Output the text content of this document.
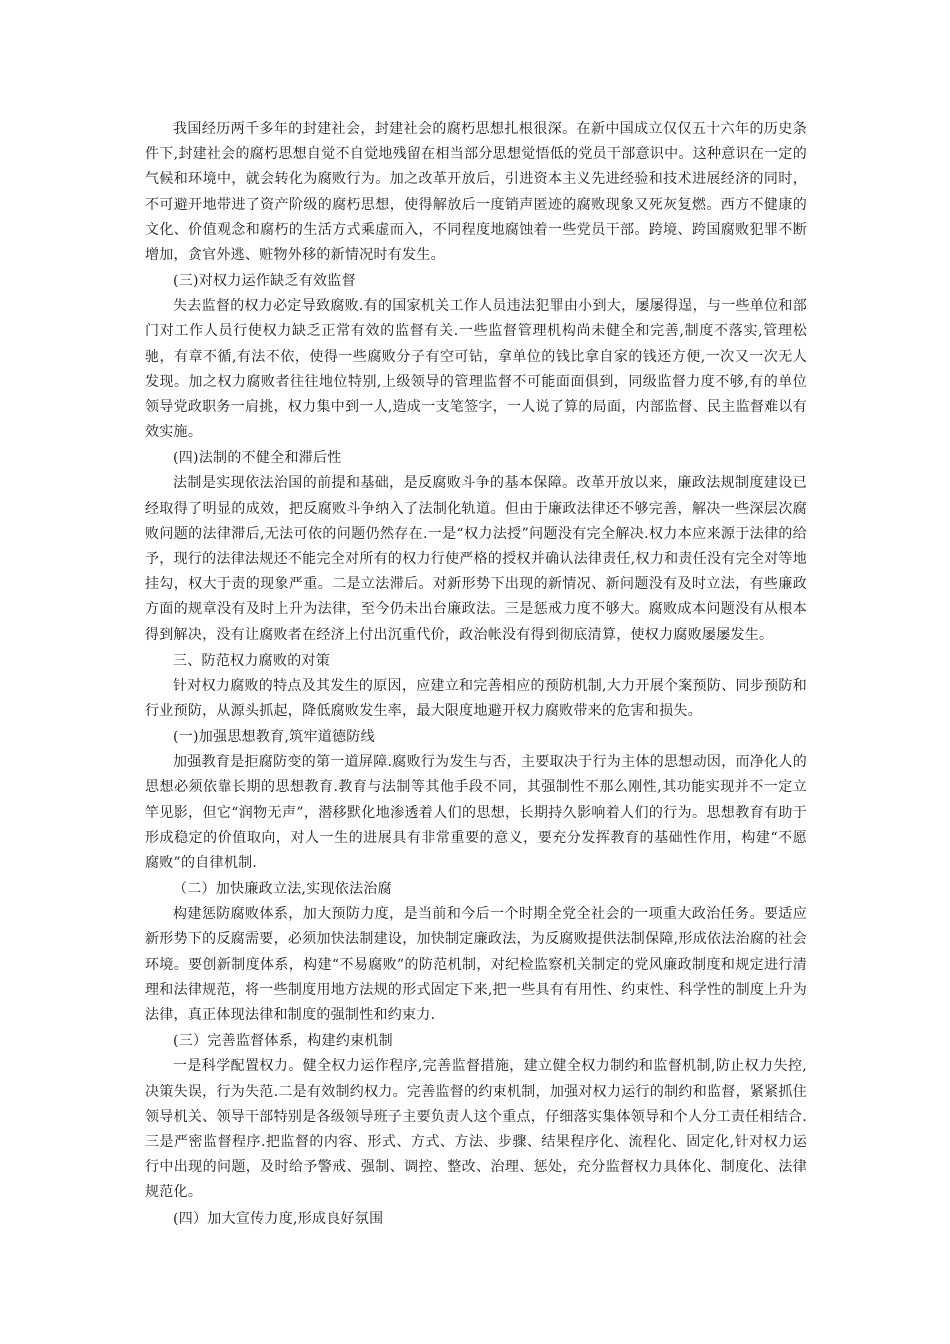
我国经历两千多年的封建社会，封建社会的腐朽思想扎根很深。在新中国成立仅仅五十六年的历史条件下,封建社会的腐朽思想自觉不自觉地残留在相当部分思想觉悟低的党员干部意识中。这种意识在一定的气候和环境中，就会转化为腐败行为。加之改革开放后，引进资本主义先进经验和技术进展经济的同时，不可避开地带进了资产阶级的腐朽思想，使得解放后一度销声匿迹的腐败现象又死灰复燃。西方不健康的文化、价值观念和腐朽的生活方式乘虚而入，不同程度地腐蚀着一些党员干部。跨境、跨国腐败犯罪不断增加，贪官外逃、赃物外移的新情况时有发生。

(三)对权力运作缺乏有效监督

失去监督的权力必定导致腐败.有的国家机关工作人员违法犯罪由小到大，屡屡得逞，与一些单位和部门对工作人员行使权力缺乏正常有效的监督有关.一些监督管理机构尚未健全和完善,制度不落实,管理松驰，有章不循,有法不依，使得一些腐败分子有空可钻，拿单位的钱比拿自家的钱还方便,一次又一次无人发现。加之权力腐败者往往地位特别,上级领导的管理监督不可能面面俱到，同级监督力度不够,有的单位领导党政职务一肩挑，权力集中到一人,造成一支笔签字，一人说了算的局面，内部监督、民主监督难以有效实施。

(四)法制的不健全和滞后性

法制是实现依法治国的前提和基础，是反腐败斗争的基本保障。改革开放以来，廉政法规制度建设已经取得了明显的成效，把反腐败斗争纳入了法制化轨道。但由于廉政法律还不够完善，解决一些深层次腐败问题的法律滞后,无法可依的问题仍然存在.一是“权力法授”问题没有完全解决.权力本应来源于法律的给予，现行的法律法规还不能完全对所有的权力行使严格的授权并确认法律责任,权力和责任没有完全对等地挂勾，权大于责的现象严重。二是立法滞后。对新形势下出现的新情况、新问题没有及时立法，有些廉政方面的规章没有及时上升为法律，至今仍未出台廉政法。三是惩戒力度不够大。腐败成本问题没有从根本得到解决，没有让腐败者在经济上付出沉重代价，政治帐没有得到彻底清算，使权力腐败屡屡发生。

三、防范权力腐败的对策

针对权力腐败的特点及其发生的原因，应建立和完善相应的预防机制,大力开展个案预防、同步预防和行业预防，从源头抓起，降低腐败发生率，最大限度地避开权力腐败带来的危害和损失。

(一)加强思想教育,筑牢道德防线

加强教育是拒腐防变的第一道屏障.腐败行为发生与否，主要取决于行为主体的思想动因，而净化人的思想必须依靠长期的思想教育.教育与法制等其他手段不同，其强制性不那么刚性,其功能实现并不一定立竿见影，但它“润物无声”，潜移默化地渗透着人们的思想，长期持久影响着人们的行为。思想教育有助于形成稳定的价值取向，对人一生的进展具有非常重要的意义，要充分发挥教育的基础性作用，构建“不愿腐败”的自律机制.

（二）加快廉政立法,实现依法治腐

构建惩防腐败体系，加大预防力度，是当前和今后一个时期全党全社会的一项重大政治任务。要适应新形势下的反腐需要，必须加快法制建设，加快制定廉政法，为反腐败提供法制保障,形成依法治腐的社会环境。要创新制度体系，构建“不易腐败”的防范机制，对纪检监察机关制定的党风廉政制度和规定进行清理和法律规范，将一些制度用地方法规的形式固定下来,把一些具有有用性、约束性、科学性的制度上升为法律，真正体现法律和制度的强制性和约束力.

(三）完善监督体系，构建约束机制

一是科学配置权力。健全权力运作程序,完善监督措施，建立健全权力制约和监督机制,防止权力失控,决策失误，行为失范.二是有效制约权力。完善监督的约束机制，加强对权力运行的制约和监督，紧紧抓住领导机关、领导干部特别是各级领导班子主要负责人这个重点，仔细落实集体领导和个人分工责任相结合.三是严密监督程序.把监督的内容、形式、方式、方法、步骤、结果程序化、流程化、固定化,针对权力运行中出现的问题，及时给予警戒、强制、调控、整改、治理、惩处，充分监督权力具体化、制度化、法律规范化。

(四）加大宣传力度,形成良好氛围
